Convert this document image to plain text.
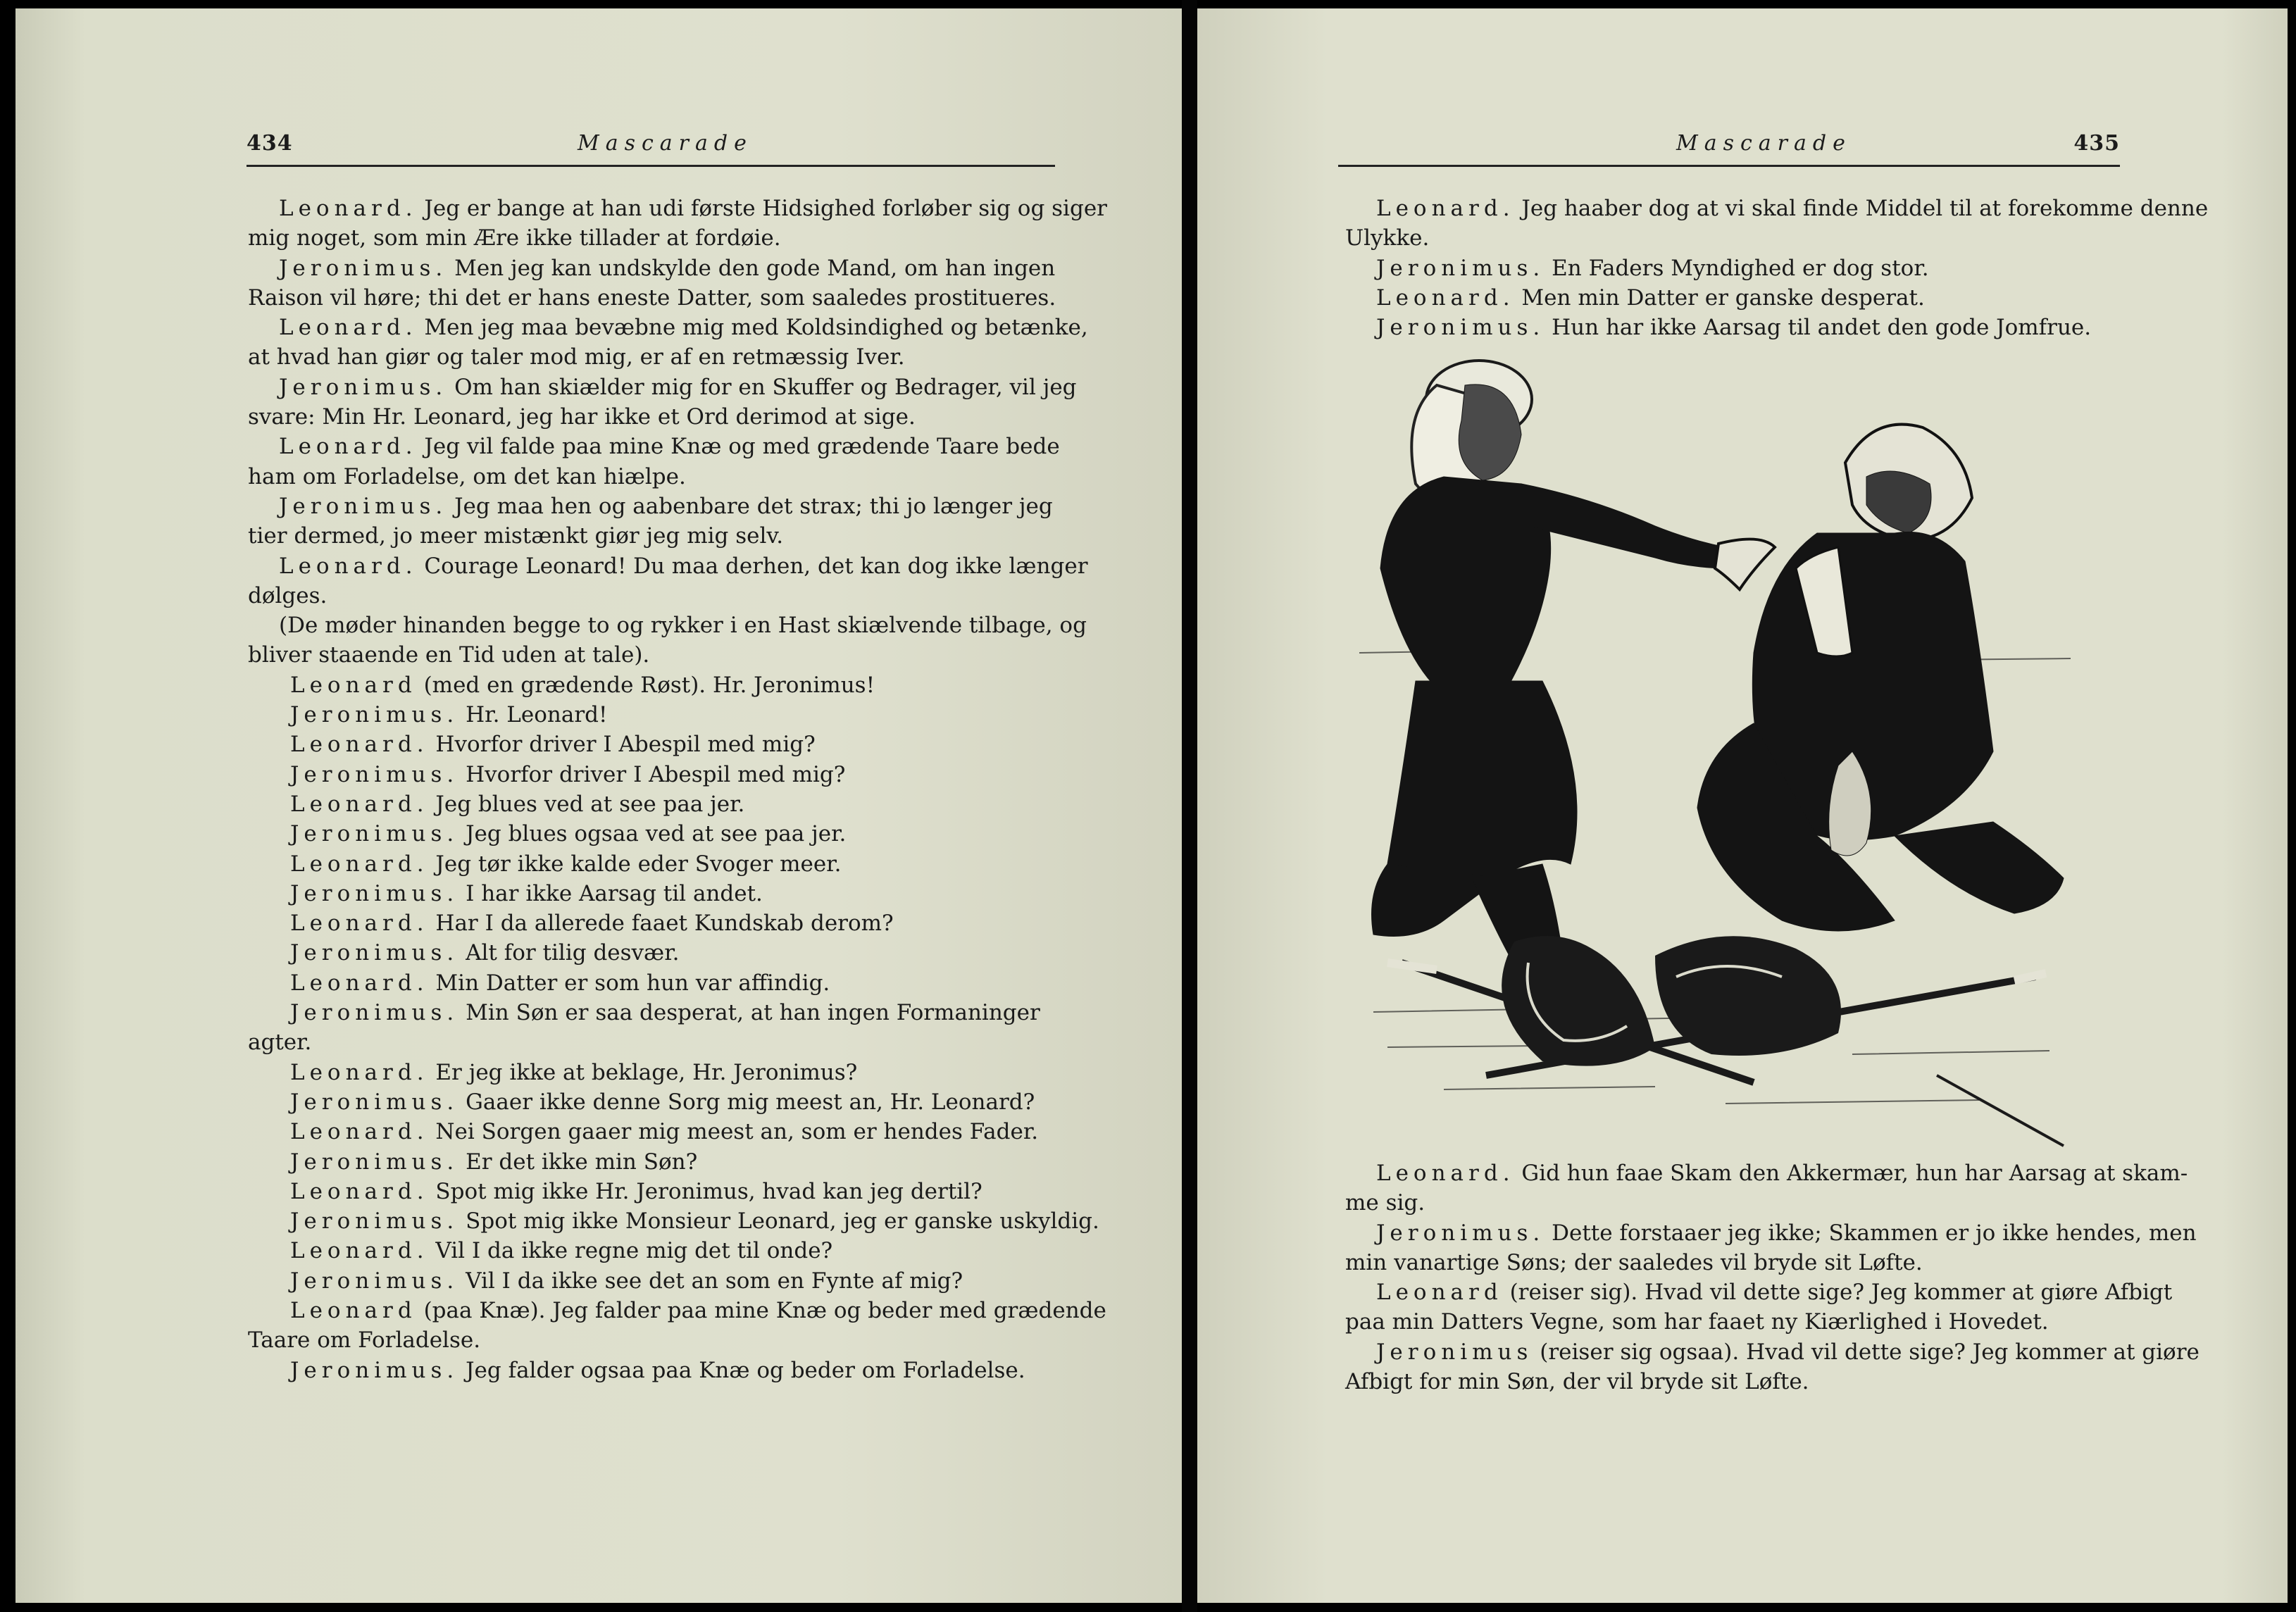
434	Mascarade
Leonard. Jeg er bange at han udi første Hidsighed forløber sig og siger
mig noget, som min Ære ikke tillader at fordøie.
Jeronimus. Men jeg kan undskylde den gode Mand, om han ingen
Raison vil høre; thi det er hans eneste Datter, som saaledes prostitueres.
Leonard. Men jeg maa bevæbne mig med Koldsindighed og betænke,
at hvad han giør og taler mod mig, er af en retmæssig Iver.
Jeronimus. Om han skiælder mig for en Skuffer og Bedrager, vil jeg
svare: Min Hr. Leonard, jeg har ikke et Ord derimod at sige.
Leonard. Jeg vil falde paa mine Knæ og med grædende Taare bede
ham om Forladelse, om det kan hiælpe.
Jeronimus. Jeg maa hen og aabenbare det strax; thi jo længer jeg
tier dermed, jo meer mistænkt giør jeg mig selv.
Leonard. Courage Leonard! Du maa derhen, det kan dog ikke længer
dølges.
(De møder hinanden begge to og rykker i en Hast skiælvende tilbage, og
bliver staaende en Tid uden at tale).
Leonard (med en grædende Røst). Hr. Jeronimus!
Jeronimus. Hr. Leonard!
Leonard. Hvorfor driver I Abespil med mig?
Jeronimus. Hvorfor driver I Abespil med mig?
Leonard. Jeg blues ved at see paa jer.
Jeronimus. Jeg blues ogsaa ved at see paa jer.
Leonard. Jeg tør ikke kalde eder Svoger meer.
Jeronimus. I har ikke Aarsag til andet.
Leonard. Har I da allerede faaet Kundskab derom?
Jeronimus. Alt for tilig desvær.
Leonard. Min Datter er som hun var affindig.
Jeronimus. Min Søn er saa desperat, at han ingen Formaninger
agter.
Leonard. Er jeg ikke at beklage, Hr. Jeronimus?
Jeronimus. Gaaer ikke denne Sorg mig meest an, Hr. Leonard?
Leonard. Nei Sorgen gaaer mig meest an, som er hendes Fader.
Jeronimus. Er det ikke min Søn?
Leonard. Spot mig ikke Hr. Jeronimus, hvad kan jeg dertil?
Jeronimus. Spot mig ikke Monsieur Leonard, jeg er ganske uskyldig.
Leonard. Vil I da ikke regne mig det til onde?
Jeronimus. Vil I da ikke see det an som en Fynte af mig?
Leonard (paa Knæ). Jeg falder paa mine Knæ og beder med grædende
Taare om Forladelse.
Jeronimus. Jeg falder ogsaa paa Knæ og beder om Forladelse.
Mascarade	435
Leonard. Jeg haaber dog at vi skal finde Middel til at forekomme denne
Ulykke.
Jeronimus. En Faders Myndighed er dog stor.
Leonard. Men min Datter er ganske desperat.
Jeronimus. Hun har ikke Aarsag til andet den gode Jomfrue.
Leonard. Gid hun faae Skam den Akkermær, hun har Aarsag at skam-
me sig.
Jeronimus. Dette forstaaer jeg ikke; Skammen er jo ikke hendes, men
min vanartige Søns; der saaledes vil bryde sit Løfte.
Leonard (reiser sig). Hvad vil dette sige? Jeg kommer at giøre Afbigt
paa min Datters Vegne, som har faaet ny Kiærlighed i Hovedet.
Jeronimus (reiser sig ogsaa). Hvad vil dette sige? Jeg kommer at giøre
Afbigt for min Søn, der vil bryde sit Løfte.
